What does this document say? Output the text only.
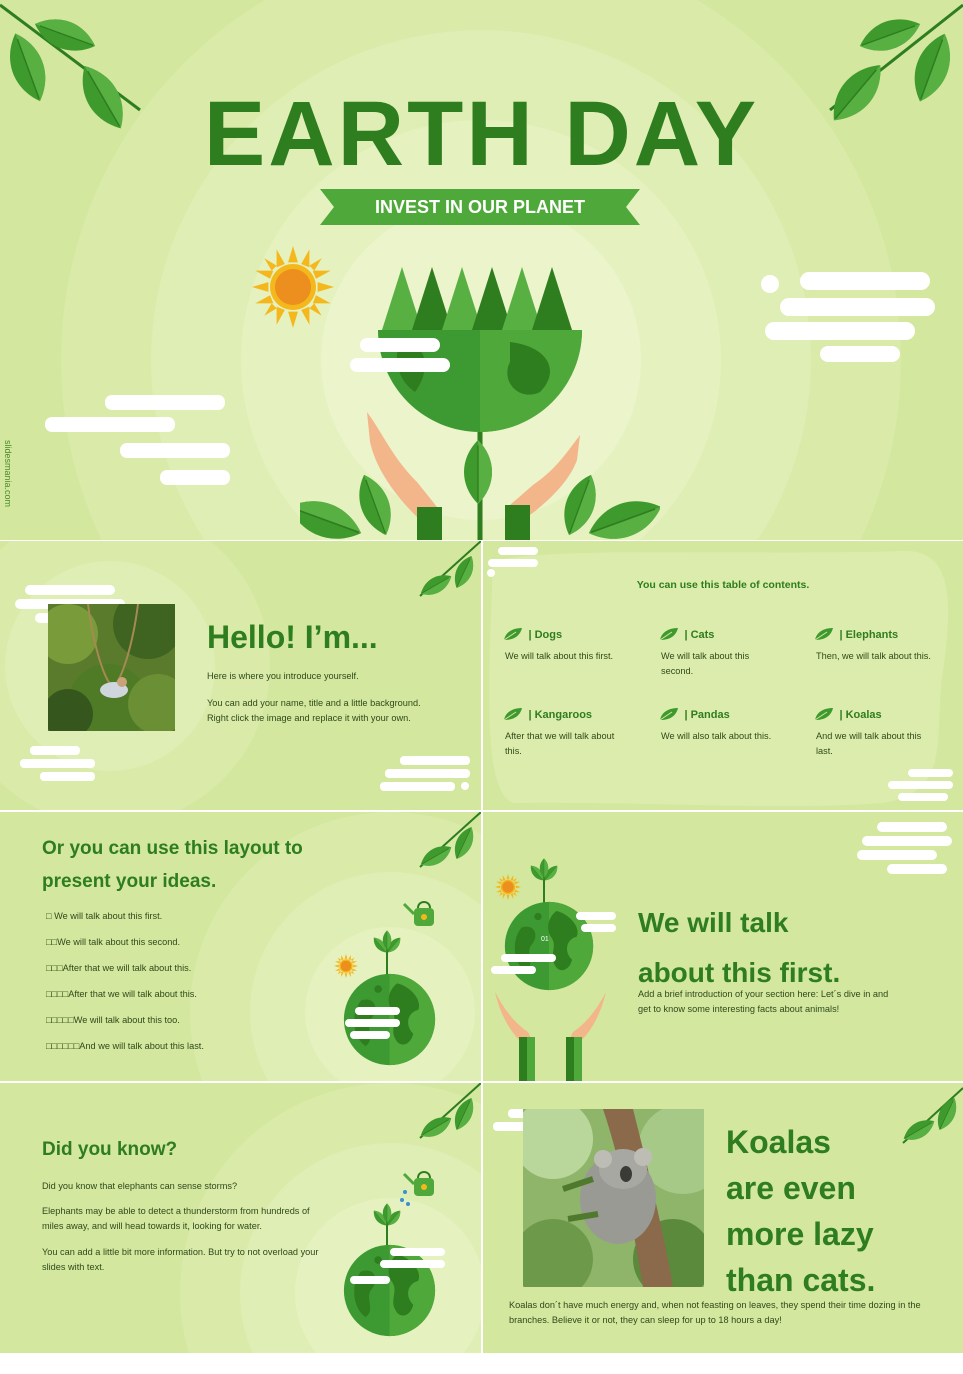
EARTH DAY
INVEST IN OUR PLANET
slidesmania.com
Hello! I’m...
Here is where you introduce yourself.
You can add your name, title and a little background.
Right click the image and replace it with your own.
You can use this table of contents.
| Dogs
We will talk about this first.
| Cats
We will talk about this
second.
| Elephants
Then, we will talk about this.
| Kangaroos
After that we will talk about
this.
| Pandas
We will also talk about this.
| Koalas
And we will talk about this
last.
Or you can use this layout to
present your ideas.
□ We will talk about this first.
□□We will talk about this second.
□□□After that we will talk about this.
□□□□After that we will talk about this.
□□□□□We will talk about this too.
□□□□□□And we will talk about this last.
01
We will talk
about this first.
Add a brief introduction of your section here: Let´s dive in and
get to know some interesting facts about animals!
Did you know?
Did you know that elephants can sense storms?
Elephants may be able to detect a thunderstorm from hundreds of
miles away, and will head towards it, looking for water.
You can add a little bit more information. But try to not overload your
slides with text.
Koalas
are even
more lazy
than cats.
Koalas don´t have much energy and, when not feasting on leaves, they spend their time dozing in the
branches. Believe it or not, they can sleep for up to 18 hours a day!
